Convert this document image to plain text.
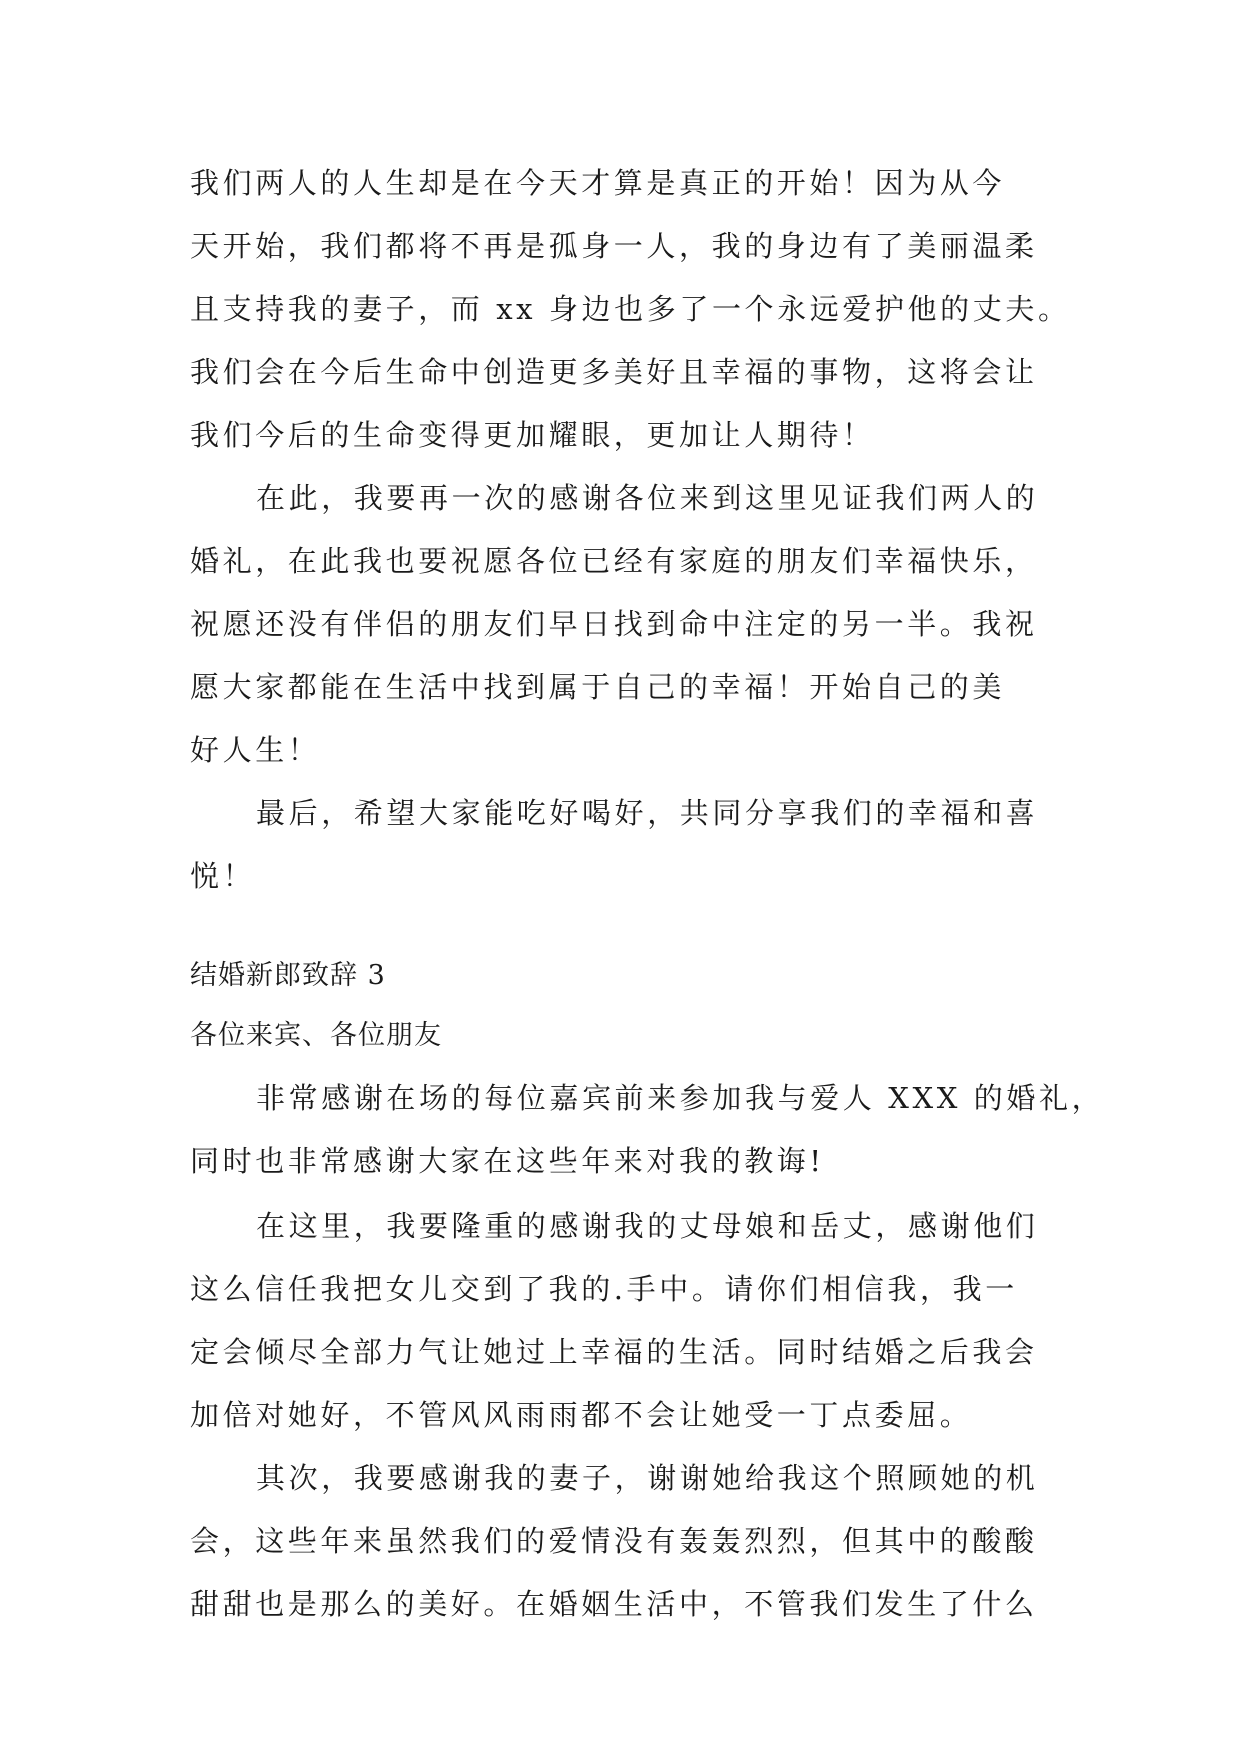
我们两人的人生却是在今天才算是真正的开始！因为从今
天开始，我们都将不再是孤身一人，我的身边有了美丽温柔
且支持我的妻子，而 xx 身边也多了一个永远爱护他的丈夫。
我们会在今后生命中创造更多美好且幸福的事物，这将会让
我们今后的生命变得更加耀眼，更加让人期待！
在此，我要再一次的感谢各位来到这里见证我们两人的
婚礼，在此我也要祝愿各位已经有家庭的朋友们幸福快乐，
祝愿还没有伴侣的朋友们早日找到命中注定的另一半。我祝
愿大家都能在生活中找到属于自己的幸福！开始自己的美
好人生！
最后，希望大家能吃好喝好，共同分享我们的幸福和喜
悦！
结婚新郎致辞 3
各位来宾、各位朋友
非常感谢在场的每位嘉宾前来参加我与爱人 XXX 的婚礼，
同时也非常感谢大家在这些年来对我的教诲!
在这里，我要隆重的感谢我的丈母娘和岳丈，感谢他们
这么信任我把女儿交到了我的.手中。请你们相信我，我一
定会倾尽全部力气让她过上幸福的生活。同时结婚之后我会
加倍对她好，不管风风雨雨都不会让她受一丁点委屈。
其次，我要感谢我的妻子，谢谢她给我这个照顾她的机
会，这些年来虽然我们的爱情没有轰轰烈烈，但其中的酸酸
甜甜也是那么的美好。在婚姻生活中，不管我们发生了什么
